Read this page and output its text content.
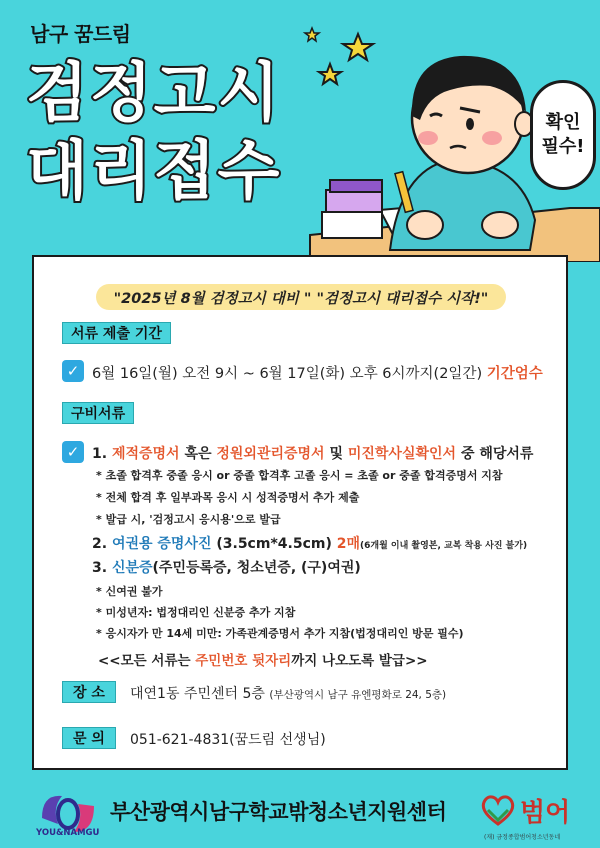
남구 꿈드림
검정고시
대리접수
확인
필수!
"2025년 8월 검정고시 대비 " "검정고시 대리접수 시작!"
서류 제출 기간
✓ 6월 16일(월) 오전 9시 ~ 6월 17일(화) 오후 6시까지(2일간) 기간엄수
구비서류
✓ 1. 제적증명서 혹은 정원외관리증명서 및 미진학사실확인서 중 해당서류
* 초졸 합격후 중졸 응시 or 중졸 합격후 고졸 응시 = 초졸 or 중졸 합격증명서 지참
* 전체 합격 후 일부과목 응시 시 성적증명서 추가 제출
* 발급 시, '검정고시 응시용'으로 발급
2. 여권용 증명사진 (3.5cm*4.5cm) 2매(6개월 이내 촬영본, 교복 착용 사진 불가)
3. 신분증(주민등록증, 청소년증, (구)여권)
* 신여권 불가
* 미성년자: 법정대리인 신분증 추가 지참
* 응시자가 만 14세 미만: 가족관계증명서 추가 지참(법정대리인 방문 필수)
<<모든 서류는 주민번호 뒷자리까지 나오도록 발급>>
장 소	대연1동 주민센터 5층 (부산광역시 남구 유엔평화로 24, 5층)
문 의	051-621-4831(꿈드림 선생님)
YOU&NAMGU
부산광역시남구학교밖청소년지원센터	범어
(재) 금정종합범어청소년동네
